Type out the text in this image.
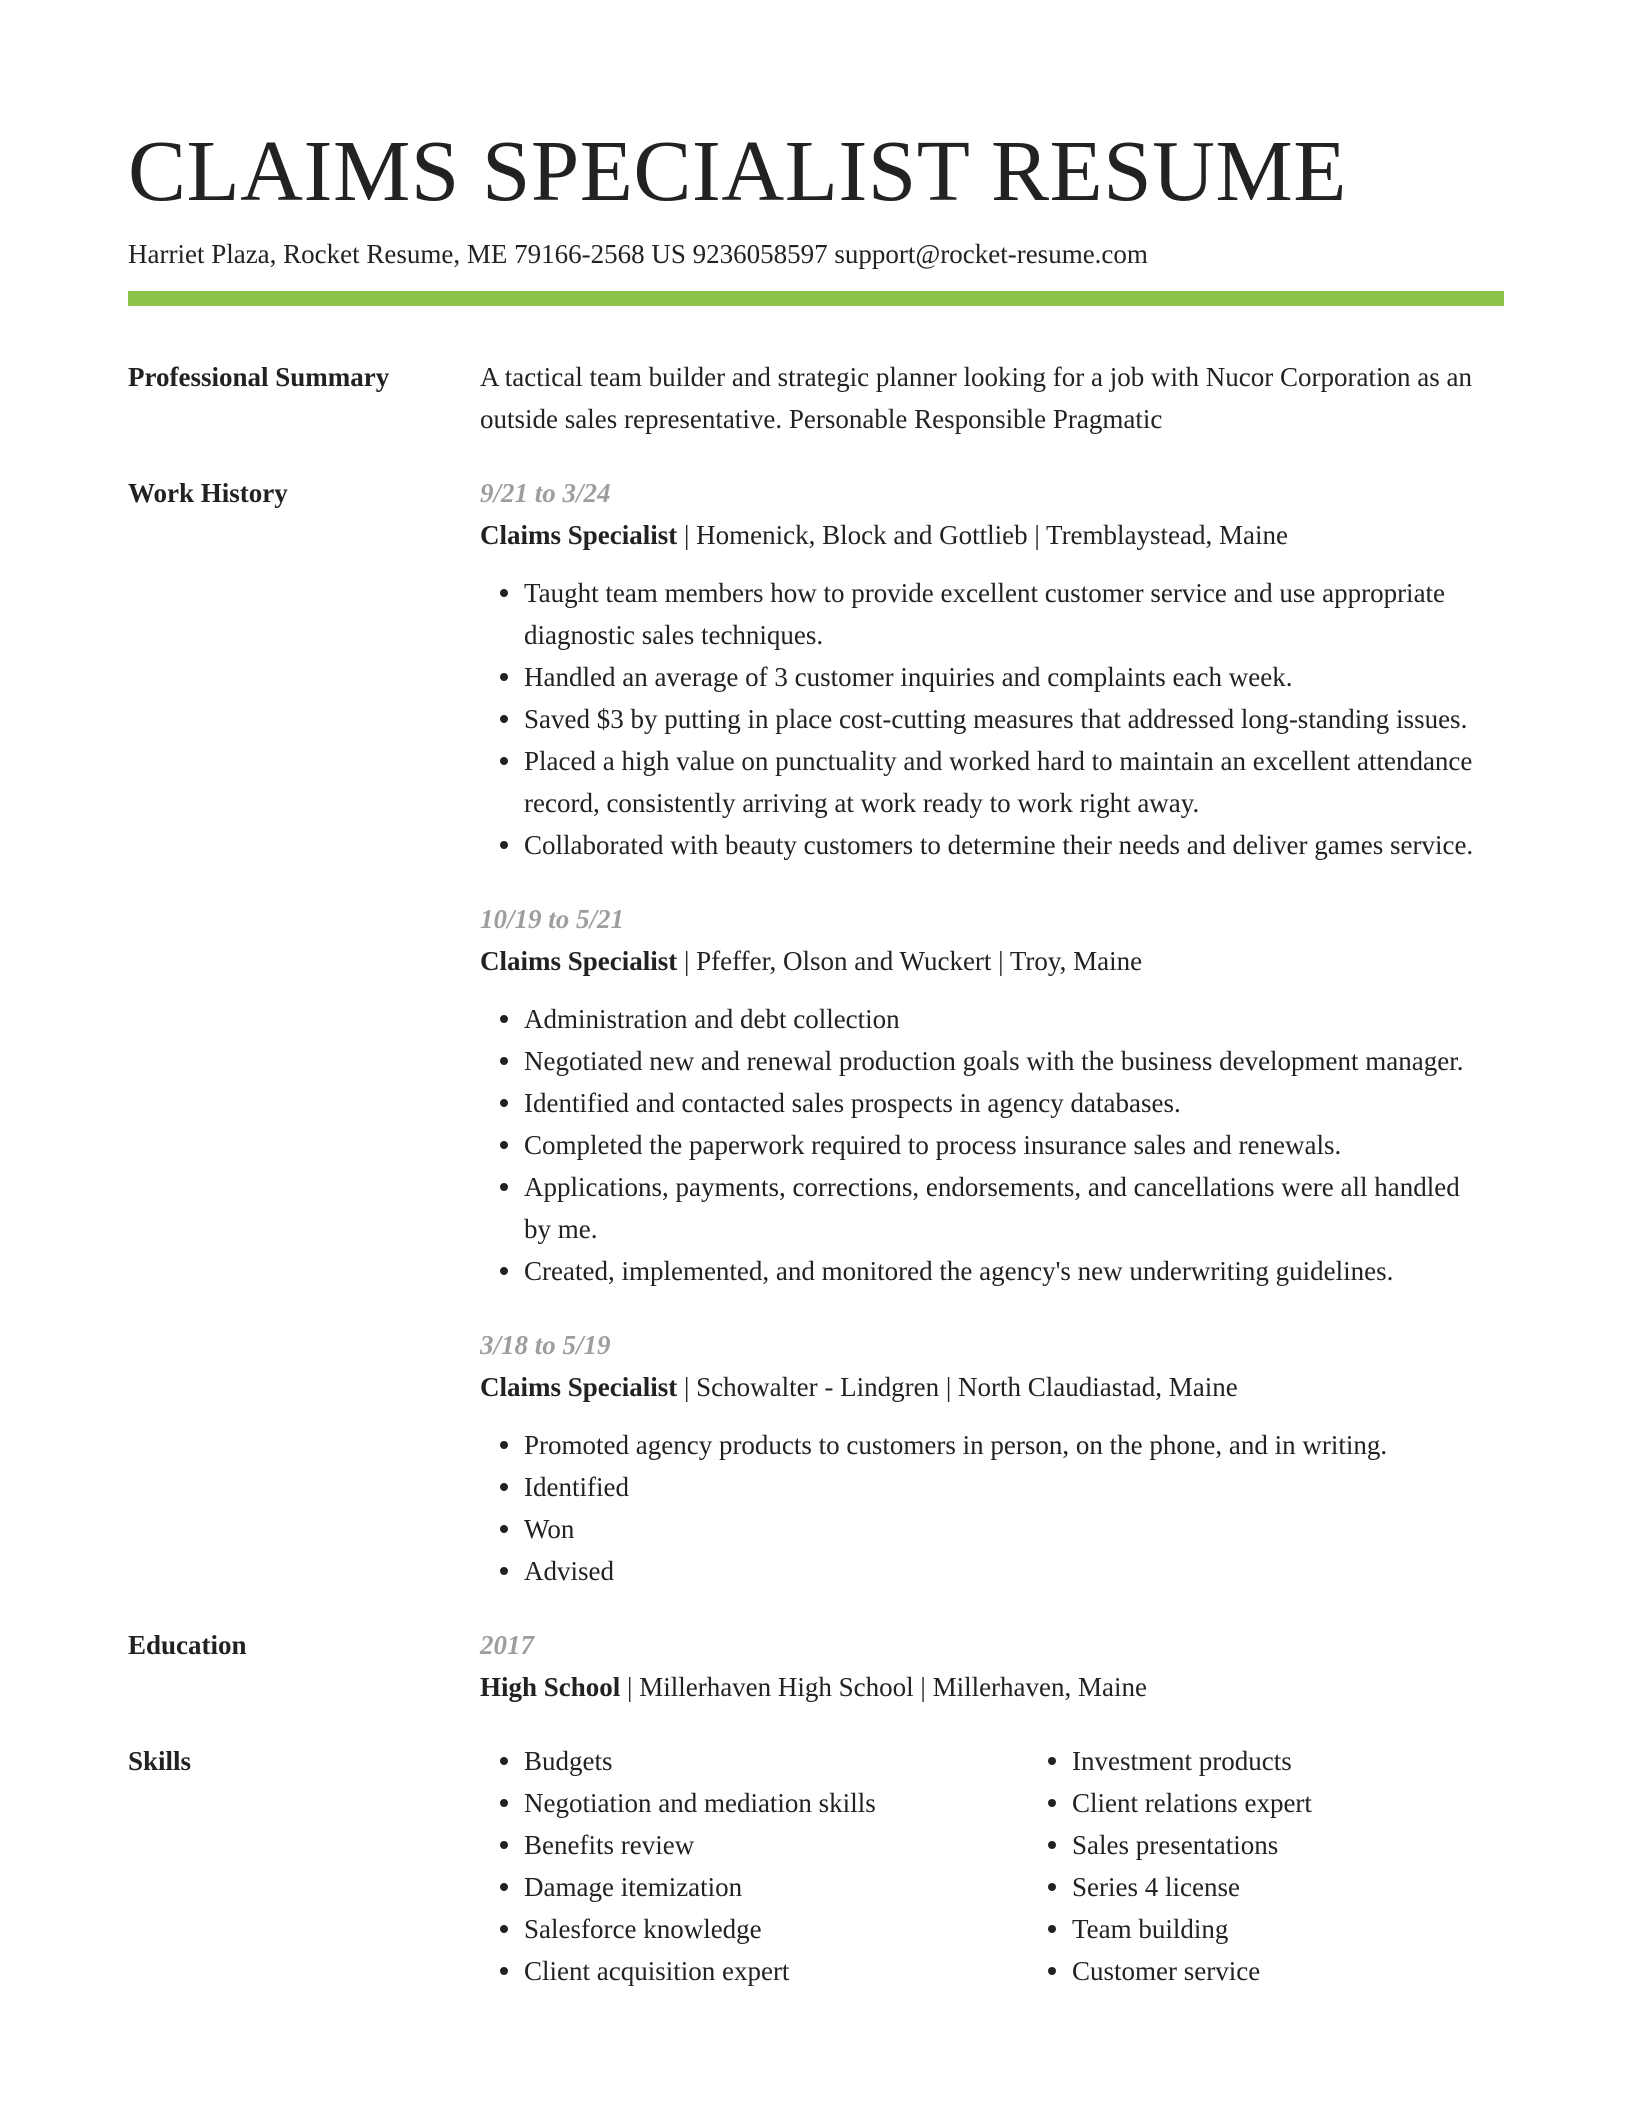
CLAIMS SPECIALIST RESUME
Harriet Plaza, Rocket Resume, ME 79166-2568 US 9236058597 support@rocket-resume.com
Professional Summary	A tactical team builder and strategic planner looking for a job with Nucor Corporation as an outside sales representative. Personable Responsible Pragmatic

Work History	9/21 to 3/24
Claims Specialist | Homenick, Block and Gottlieb | Tremblaystead, Maine
Taught team members how to provide excellent customer service and use appropriate diagnostic sales techniques.
Handled an average of 3 customer inquiries and complaints each week.
Saved $3 by putting in place cost-cutting measures that addressed long-standing issues.
Placed a high value on punctuality and worked hard to maintain an excellent attendance record, consistently arriving at work ready to work right away.
Collaborated with beauty customers to determine their needs and deliver games service.
10/19 to 5/21
Claims Specialist | Pfeffer, Olson and Wuckert | Troy, Maine
Administration and debt collection
Negotiated new and renewal production goals with the business development manager.
Identified and contacted sales prospects in agency databases.
Completed the paperwork required to process insurance sales and renewals.
Applications, payments, corrections, endorsements, and cancellations were all handled by me.
Created, implemented, and monitored the agency's new underwriting guidelines.
3/18 to 5/19
Claims Specialist | Schowalter - Lindgren | North Claudiastad, Maine
Promoted agency products to customers in person, on the phone, and in writing.
Identified
Won
Advised
Education	2017
High School | Millerhaven High School | Millerhaven, Maine
Skills	Budgets
Negotiation and mediation skills
Benefits review
Damage itemization
Salesforce knowledge
Client acquisition expert
Investment products
Client relations expert
Sales presentations
Series 4 license
Team building
Customer service
